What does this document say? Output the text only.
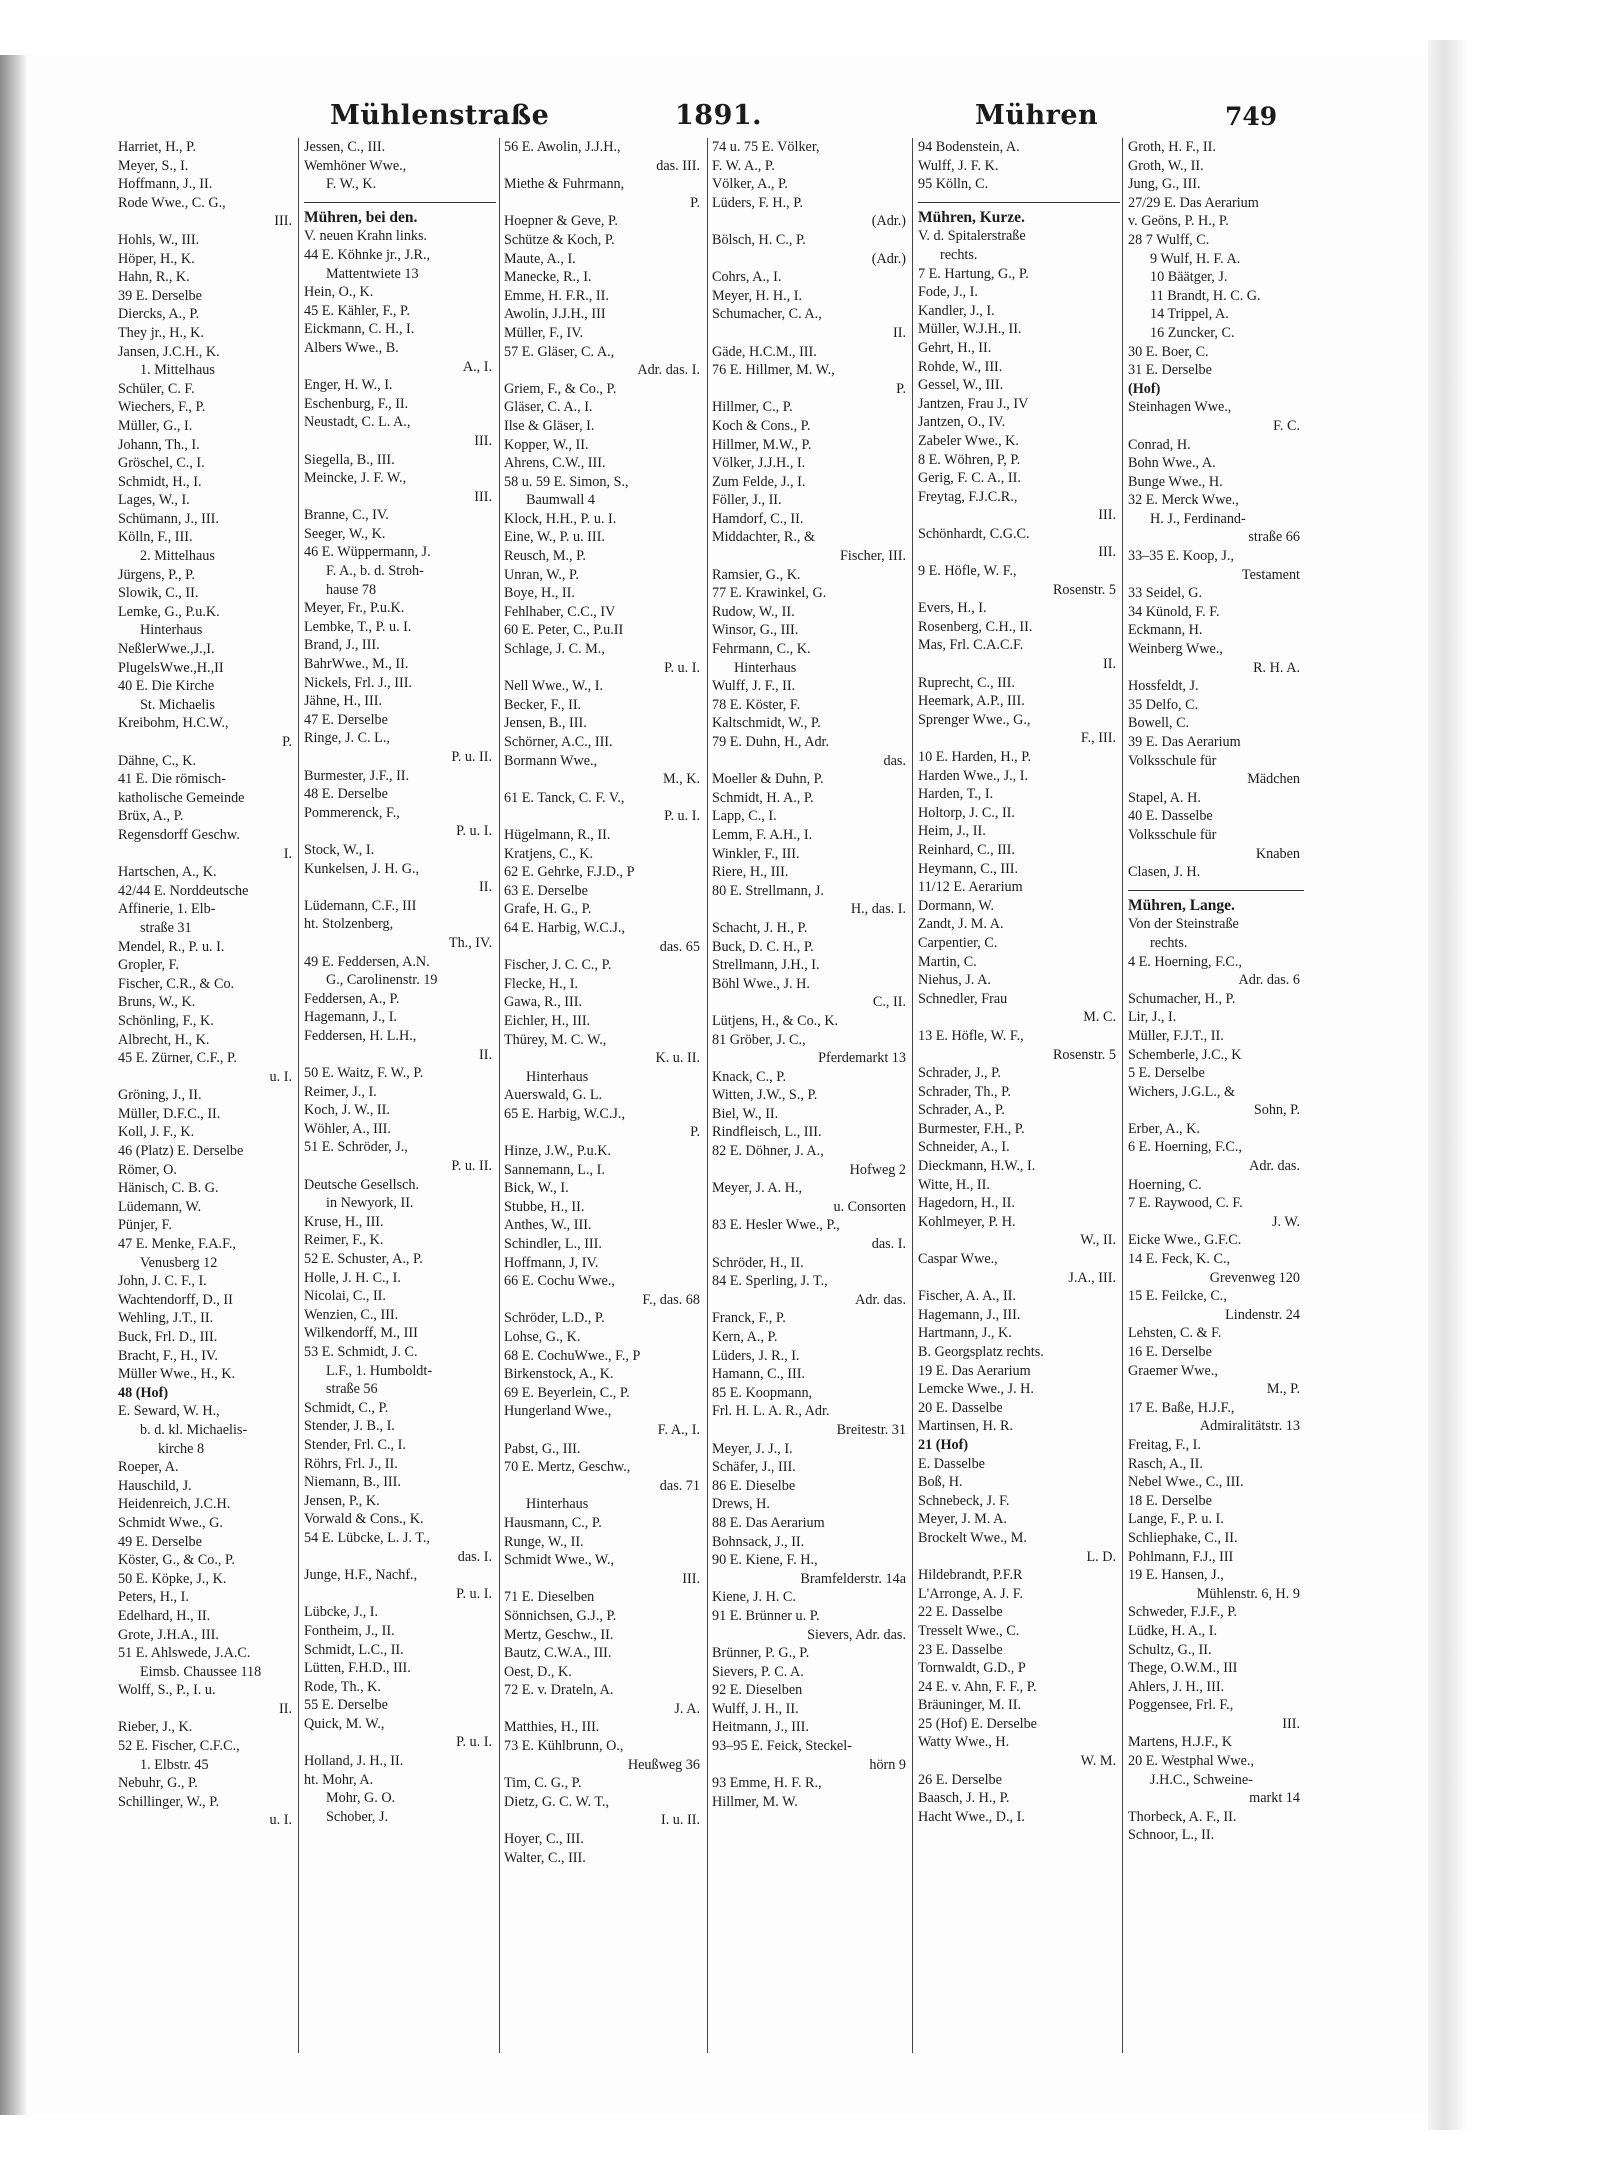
Mühlenstraße	1891.	Mühren	749
Harriet, H., P.
Meyer, S., I.
Hoffmann, J., II.
Rode Wwe., C. G.,
III.
Hohls, W., III.
Höper, H., K.
Hahn, R., K.
39 E. Derselbe
Diercks, A., P.
They jr., H., K.
Jansen, J.C.H., K.
1. Mittelhaus
Schüler, C. F.
Wiechers, F., P.
Müller, G., I.
Johann, Th., I.
Gröschel, C., I.
Schmidt, H., I.
Lages, W., I.
Schümann, J., III.
Kölln, F., III.
2. Mittelhaus
Jürgens, P., P.
Slowik, C., II.
Lemke, G., P.u.K.
Hinterhaus
NeßlerWwe.,J.,I.
PlugelsWwe.,H.,II
40 E. Die Kirche
St. Michaelis
Kreibohm, H.C.W.,
P.
Dähne, C., K.
41 E. Die römisch-
katholische Gemeinde
Brüx, A., P.
Regensdorff Geschw.
I.
Hartschen, A., K.
42/44 E. Norddeutsche
Affinerie, 1. Elb-
straße 31
Mendel, R., P. u. I.
Gropler, F.
Fischer, C.R., & Co.
Bruns, W., K.
Schönling, F., K.
Albrecht, H., K.
45 E. Zürner, C.F., P.
u. I.
Gröning, J., II.
Müller, D.F.C., II.
Koll, J. F., K.
46 (Platz) E. Derselbe
Römer, O.
Hänisch, C. B. G.
Lüdemann, W.
Pünjer, F.
47 E. Menke, F.A.F.,
Venusberg 12
John, J. C. F., I.
Wachtendorff, D., II
Wehling, J.T., II.
Buck, Frl. D., III.
Bracht, F., H., IV.
Müller Wwe., H., K.
48 (Hof)
E. Seward, W. H.,
b. d. kl. Michaelis-
kirche 8
Roeper, A.
Hauschild, J.
Heidenreich, J.C.H.
Schmidt Wwe., G.
49 E. Derselbe
Köster, G., & Co., P.
50 E. Köpke, J., K.
Peters, H., I.
Edelhard, H., II.
Grote, J.H.A., III.
51 E. Ahlswede, J.A.C.
Eimsb. Chaussee 118
Wolff, S., P., I. u.
II.
Rieber, J., K.
52 E. Fischer, C.F.C.,
1. Elbstr. 45
Nebuhr, G., P.
Schillinger, W., P.
u. I.
Jessen, C., III.
Wemhöner Wwe.,
F. W., K.
Mühren, bei den.
V. neuen Krahn links.
44 E. Köhnke jr., J.R.,
Mattentwiete 13
Hein, O., K.
45 E. Kähler, F., P.
Eickmann, C. H., I.
Albers Wwe., B.
A., I.
Enger, H. W., I.
Eschenburg, F., II.
Neustadt, C. L. A.,
III.
Siegella, B., III.
Meincke, J. F. W.,
III.
Branne, C., IV.
Seeger, W., K.
46 E. Wüppermann, J.
F. A., b. d. Stroh-
hause 78
Meyer, Fr., P.u.K.
Lembke, T., P. u. I.
Brand, J., III.
BahrWwe., M., II.
Nickels, Frl. J., III.
Jähne, H., III.
47 E. Derselbe
Ringe, J. C. L.,
P. u. II.
Burmester, J.F., II.
48 E. Derselbe
Pommerenck, F.,
P. u. I.
Stock, W., I.
Kunkelsen, J. H. G.,
II.
Lüdemann, C.F., III
ht. Stolzenberg,
Th., IV.
49 E. Feddersen, A.N.
G., Carolinenstr. 19
Feddersen, A., P.
Hagemann, J., I.
Feddersen, H. L.H.,
II.
50 E. Waitz, F. W., P.
Reimer, J., I.
Koch, J. W., II.
Wöhler, A., III.
51 E. Schröder, J.,
P. u. II.
Deutsche Gesellsch.
in Newyork, II.
Kruse, H., III.
Reimer, F., K.
52 E. Schuster, A., P.
Holle, J. H. C., I.
Nicolai, C., II.
Wenzien, C., III.
Wilkendorff, M., III
53 E. Schmidt, J. C.
L.F., 1. Humboldt-
straße 56
Schmidt, C., P.
Stender, J. B., I.
Stender, Frl. C., I.
Röhrs, Frl. J., II.
Niemann, B., III.
Jensen, P., K.
Vorwald & Cons., K.
54 E. Lübcke, L. J. T.,
das. I.
Junge, H.F., Nachf.,
P. u. I.
Lübcke, J., I.
Fontheim, J., II.
Schmidt, L.C., II.
Lütten, F.H.D., III.
Rode, Th., K.
55 E. Derselbe
Quick, M. W.,
P. u. I.
Holland, J. H., II.
ht. Mohr, A.
Mohr, G. O.
Schober, J.
56 E. Awolin, J.J.H.,
das. III.
Miethe & Fuhrmann,
P.
Hoepner & Geve, P.
Schütze & Koch, P.
Maute, A., I.
Manecke, R., I.
Emme, H. F.R., II.
Awolin, J.J.H., III
Müller, F., IV.
57 E. Gläser, C. A.,
Adr. das. I.
Griem, F., & Co., P.
Gläser, C. A., I.
Ilse & Gläser, I.
Kopper, W., II.
Ahrens, C.W., III.
58 u. 59 E. Simon, S.,
Baumwall 4
Klock, H.H., P. u. I.
Eine, W., P. u. III.
Reusch, M., P.
Unran, W., P.
Boye, H., II.
Fehlhaber, C.C., IV
60 E. Peter, C., P.u.II
Schlage, J. C. M.,
P. u. I.
Nell Wwe., W., I.
Becker, F., II.
Jensen, B., III.
Schörner, A.C., III.
Bormann Wwe.,
M., K.
61 E. Tanck, C. F. V.,
P. u. I.
Hügelmann, R., II.
Kratjens, C., K.
62 E. Gehrke, F.J.D., P
63 E. Derselbe
Grafe, H. G., P.
64 E. Harbig, W.C.J.,
das. 65
Fischer, J. C. C., P.
Flecke, H., I.
Gawa, R., III.
Eichler, H., III.
Thürey, M. C. W.,
K. u. II.
Hinterhaus
Auerswald, G. L.
65 E. Harbig, W.C.J.,
P.
Hinze, J.W., P.u.K.
Sannemann, L., I.
Bick, W., I.
Stubbe, H., II.
Anthes, W., III.
Schindler, L., III.
Hoffmann, J, IV.
66 E. Cochu Wwe.,
F., das. 68
Schröder, L.D., P.
Lohse, G., K.
68 E. CochuWwe., F., P
Birkenstock, A., K.
69 E. Beyerlein, C., P.
Hungerland Wwe.,
F. A., I.
Pabst, G., III.
70 E. Mertz, Geschw.,
das. 71
Hinterhaus
Hausmann, C., P.
Runge, W., II.
Schmidt Wwe., W.,
III.
71 E. Dieselben
Sönnichsen, G.J., P.
Mertz, Geschw., II.
Bautz, C.W.A., III.
Oest, D., K.
72 E. v. Drateln, A.
J. A.
Matthies, H., III.
73 E. Kühlbrunn, O.,
Heußweg 36
Tim, C. G., P.
Dietz, G. C. W. T.,
I. u. II.
Hoyer, C., III.
Walter, C., III.
74 u. 75 E. Völker,
F. W. A., P.
Völker, A., P.
Lüders, F. H., P.
(Adr.)
Bölsch, H. C., P.
(Adr.)
Cohrs, A., I.
Meyer, H. H., I.
Schumacher, C. A.,
II.
Gäde, H.C.M., III.
76 E. Hillmer, M. W.,
P.
Hillmer, C., P.
Koch & Cons., P.
Hillmer, M.W., P.
Völker, J.J.H., I.
Zum Felde, J., I.
Föller, J., II.
Hamdorf, C., II.
Middachter, R., &
Fischer, III.
Ramsier, G., K.
77 E. Krawinkel, G.
Rudow, W., II.
Winsor, G., III.
Fehrmann, C., K.
Hinterhaus
Wulff, J. F., II.
78 E. Köster, F.
Kaltschmidt, W., P.
79 E. Duhn, H., Adr.
das.
Moeller & Duhn, P.
Schmidt, H. A., P.
Lapp, C., I.
Lemm, F. A.H., I.
Winkler, F., III.
Riere, H., III.
80 E. Strellmann, J.
H., das. I.
Schacht, J. H., P.
Buck, D. C. H., P.
Strellmann, J.H., I.
Böhl Wwe., J. H.
C., II.
Lütjens, H., & Co., K.
81 Gröber, J. C.,
Pferdemarkt 13
Knack, C., P.
Witten, J.W., S., P.
Biel, W., II.
Rindfleisch, L., III.
82 E. Döhner, J. A.,
Hofweg 2
Meyer, J. A. H.,
u. Consorten
83 E. Hesler Wwe., P.,
das. I.
Schröder, H., II.
84 E. Sperling, J. T.,
Adr. das.
Franck, F., P.
Kern, A., P.
Lüders, J. R., I.
Hamann, C., III.
85 E. Koopmann,
Frl. H. L. A. R., Adr.
Breitestr. 31
Meyer, J. J., I.
Schäfer, J., III.
86 E. Dieselbe
Drews, H.
88 E. Das Aerarium
Bohnsack, J., II.
90 E. Kiene, F. H.,
Bramfelderstr. 14a
Kiene, J. H. C.
91 E. Brünner u. P.
Sievers, Adr. das.
Brünner, P. G., P.
Sievers, P. C. A.
92 E. Dieselben
Wulff, J. H., II.
Heitmann, J., III.
93–95 E. Feick, Steckel-
hörn 9
93 Emme, H. F. R.,
Hillmer, M. W.
94 Bodenstein, A.
Wulff, J. F. K.
95 Kölln, C.
Mühren, Kurze.
V. d. Spitalerstraße
rechts.
7 E. Hartung, G., P.
Fode, J., I.
Kandler, J., I.
Müller, W.J.H., II.
Gehrt, H., II.
Rohde, W., III.
Gessel, W., III.
Jantzen, Frau J., IV
Jantzen, O., IV.
Zabeler Wwe., K.
8 E. Wöhren, P, P.
Gerig, F. C. A., II.
Freytag, F.J.C.R.,
III.
Schönhardt, C.G.C.
III.
9 E. Höfle, W. F.,
Rosenstr. 5
Evers, H., I.
Rosenberg, C.H., II.
Mas, Frl. C.A.C.F.
II.
Ruprecht, C., III.
Heemark, A.P., III.
Sprenger Wwe., G.,
F., III.
10 E. Harden, H., P.
Harden Wwe., J., I.
Harden, T., I.
Holtorp, J. C., II.
Heim, J., II.
Reinhard, C., III.
Heymann, C., III.
11/12 E. Aerarium
Dormann, W.
Zandt, J. M. A.
Carpentier, C.
Martin, C.
Niehus, J. A.
Schnedler, Frau
M. C.
13 E. Höfle, W. F.,
Rosenstr. 5
Schrader, J., P.
Schrader, Th., P.
Schrader, A., P.
Burmester, F.H., P.
Schneider, A., I.
Dieckmann, H.W., I.
Witte, H., II.
Hagedorn, H., II.
Kohlmeyer, P. H.
W., II.
Caspar Wwe.,
J.A., III.
Fischer, A. A., II.
Hagemann, J., III.
Hartmann, J., K.
B. Georgsplatz rechts.
19 E. Das Aerarium
Lemcke Wwe., J. H.
20 E. Dasselbe
Martinsen, H. R.
21 (Hof)
E. Dasselbe
Boß, H.
Schnebeck, J. F.
Meyer, J. M. A.
Brockelt Wwe., M.
L. D.
Hildebrandt, P.F.R
L'Arronge, A. J. F.
22 E. Dasselbe
Tresselt Wwe., C.
23 E. Dasselbe
Tornwaldt, G.D., P
24 E. v. Ahn, F. F., P.
Bräuninger, M. II.
25 (Hof) E. Derselbe
Watty Wwe., H.
W. M.
26 E. Derselbe
Baasch, J. H., P.
Hacht Wwe., D., I.
Groth, H. F., II.
Groth, W., II.
Jung, G., III.
27/29 E. Das Aerarium
v. Geöns, P. H., P.
28 7 Wulff, C.
9 Wulf, H. F. A.
10 Bäätger, J.
11 Brandt, H. C. G.
14 Trippel, A.
16 Zuncker, C.
30 E. Boer, C.
31 E. Derselbe
(Hof)
Steinhagen Wwe.,
F. C.
Conrad, H.
Bohn Wwe., A.
Bunge Wwe., H.
32 E. Merck Wwe.,
H. J., Ferdinand-
straße 66
33–35 E. Koop, J.,
Testament
33 Seidel, G.
34 Künold, F. F.
Eckmann, H.
Weinberg Wwe.,
R. H. A.
Hossfeldt, J.
35 Delfo, C.
Bowell, C.
39 E. Das Aerarium
Volksschule für
Mädchen
Stapel, A. H.
40 E. Dasselbe
Volksschule für
Knaben
Clasen, J. H.
Mühren, Lange.
Von der Steinstraße
rechts.
4 E. Hoerning, F.C.,
Adr. das. 6
Schumacher, H., P.
Lir, J., I.
Müller, F.J.T., II.
Schemberle, J.C., K
5 E. Derselbe
Wichers, J.G.L., &
Sohn, P.
Erber, A., K.
6 E. Hoerning, F.C.,
Adr. das.
Hoerning, C.
7 E. Raywood, C. F.
J. W.
Eicke Wwe., G.F.C.
14 E. Feck, K. C.,
Grevenweg 120
15 E. Feilcke, C.,
Lindenstr. 24
Lehsten, C. & F.
16 E. Derselbe
Graemer Wwe.,
M., P.
17 E. Baße, H.J.F.,
Admiralitätstr. 13
Freitag, F., I.
Rasch, A., II.
Nebel Wwe., C., III.
18 E. Derselbe
Lange, F., P. u. I.
Schliephake, C., II.
Pohlmann, F.J., III
19 E. Hansen, J.,
Mühlenstr. 6, H. 9
Schweder, F.J.F., P.
Lüdke, H. A., I.
Schultz, G., II.
Thege, O.W.M., III
Ahlers, J. H., III.
Poggensee, Frl. F.,
III.
Martens, H.J.F., K
20 E. Westphal Wwe.,
J.H.C., Schweine-
markt 14
Thorbeck, A. F., II.
Schnoor, L., II.
